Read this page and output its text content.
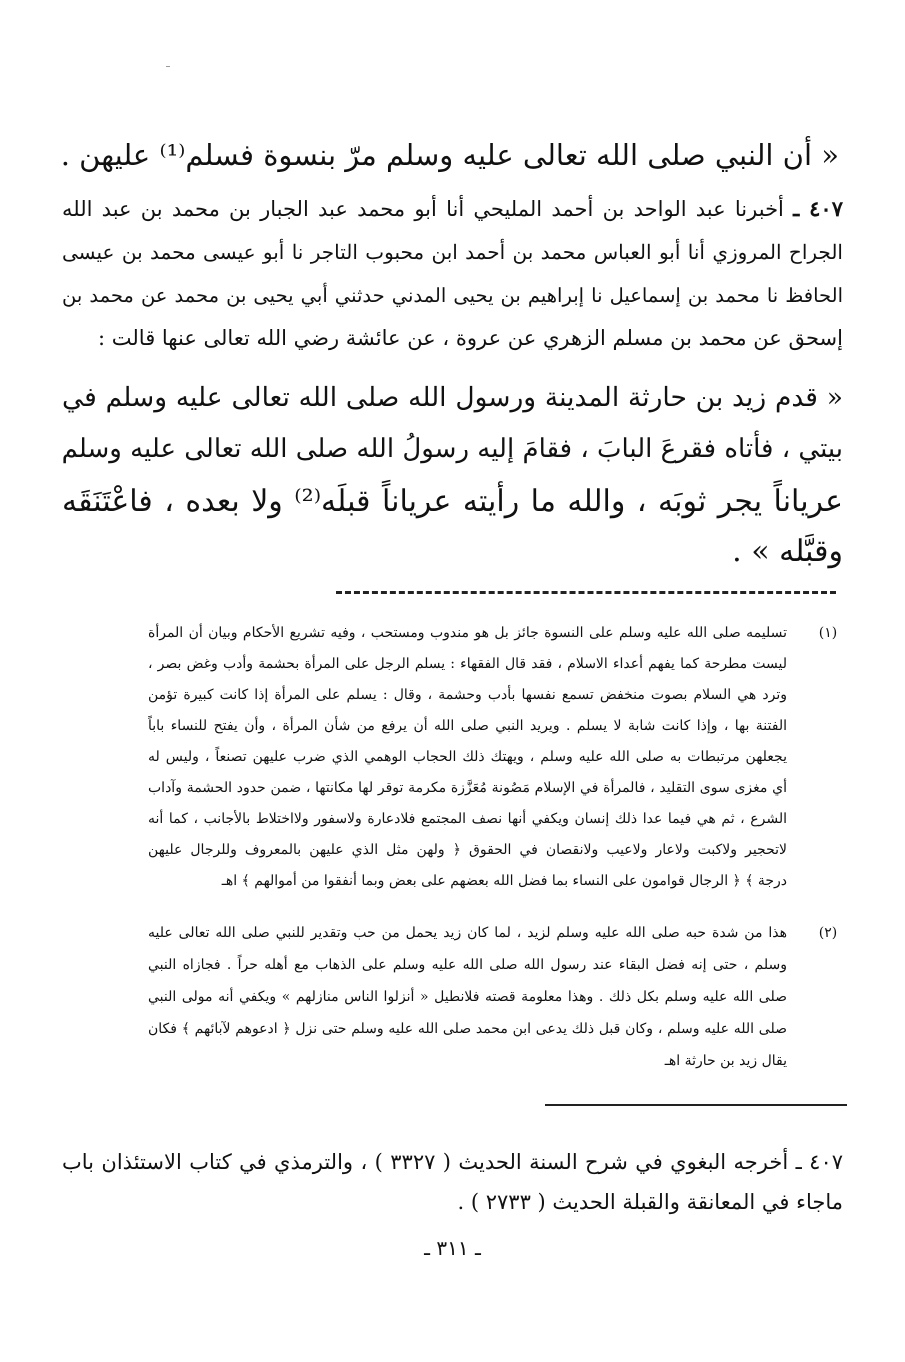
« أن النبي صلى الله تعالى عليه وسلم مرّ بنسوة فسلم⁽¹⁾ عليهن .
٤٠٧ ـ أخبرنا عبد الواحد بن أحمد المليحي أنا أبو محمد عبد الجبار بن محمد بن عبد الله
الجراح المروزي أنا أبو العباس محمد بن أحمد ابن محبوب التاجر نا أبو عيسى محمد بن عيسى
الحافظ نا محمد بن إسماعيل نا إبراهيم بن يحيى المدني حدثني أبي يحيى بن محمد عن محمد بن
إسحق عن محمد بن مسلم الزهري عن عروة ، عن عائشة رضي الله تعالى عنها قالت :
« قدم زيد بن حارثة المدينة ورسول الله صلى الله تعالى عليه وسلم في
بيتي ، فأتاه فقرعَ البابَ ، فقامَ إليه رسولُ الله صلى الله تعالى عليه وسلم
عرياناً يجر ثوبَه ، والله ما رأيته عرياناً قبلَه⁽²⁾ ولا بعده ، فاعْتَنَقَه
وقبَّله » .
(١)
تسليمه صلى الله عليه وسلم على النسوة جائز بل هو مندوب ومستحب ، وفيه تشريع الأحكام وبيان أن المرأة
ليست مطرحة كما يفهم أعداء الاسلام ، فقد قال الفقهاء : يسلم الرجل على المرأة بحشمة وأدب وغض بصر ،
وترد هي السلام بصوت منخفض تسمع نفسها بأدب وحشمة ، وقال : يسلم على المرأة إذا كانت كبيرة تؤمن
الفتنة بها ، وإذا كانت شابة لا يسلم . ويريد النبي صلى الله أن يرفع من شأن المرأة ، وأن يفتح للنساء باباً
يجعلهن مرتبطات به صلى الله عليه وسلم ، ويهتك ذلك الحجاب الوهمي الذي ضرب عليهن تصنعاً ، وليس له
أي مغزى سوى التقليد ، فالمرأة في الإسلام مَصُونة مُعَزَّزة مكرمة توقر لها مكانتها ، ضمن حدود الحشمة وآداب
الشرع ، ثم هي فيما عدا ذلك إنسان ويكفي أنها نصف المجتمع فلادعارة ولاسفور ولااختلاط بالأجانب ، كما أنه
لاتحجير ولاكبت ولاعار ولاعيب ولانقصان في الحقوق ﴿ ولهن مثل الذي عليهن بالمعروف وللرجال عليهن
درجة ﴾ ﴿ الرجال قوامون على النساء بما فضل الله بعضهم على بعض وبما أنفقوا من أموالهم ﴾ اهـ
(٢)
هذا من شدة حبه صلى الله عليه وسلم لزيد ، لما كان زيد يحمل من حب وتقدير للنبي صلى الله تعالى عليه
وسلم ، حتى إنه فضل البقاء عند رسول الله صلى الله عليه وسلم على الذهاب مع أهله حراً . فجازاه النبي
صلى الله عليه وسلم بكل ذلك . وهذا معلومة قصته فلانطيل « أنزلوا الناس منازلهم » ويكفي أنه مولى النبي
صلى الله عليه وسلم ، وكان قبل ذلك يدعى ابن محمد صلى الله عليه وسلم حتى نزل ﴿ ادعوهم لآبائهم ﴾ فكان
يقال زيد بن حارثة اهـ
٤٠٧ ـ أخرجه البغوي في شرح السنة الحديث ( ٣٣٢٧ ) ، والترمذي في كتاب الاستئذان باب
ماجاء في المعانقة والقبلة الحديث ( ٢٧٣٣ ) .
ـ ٣١١ ـ
